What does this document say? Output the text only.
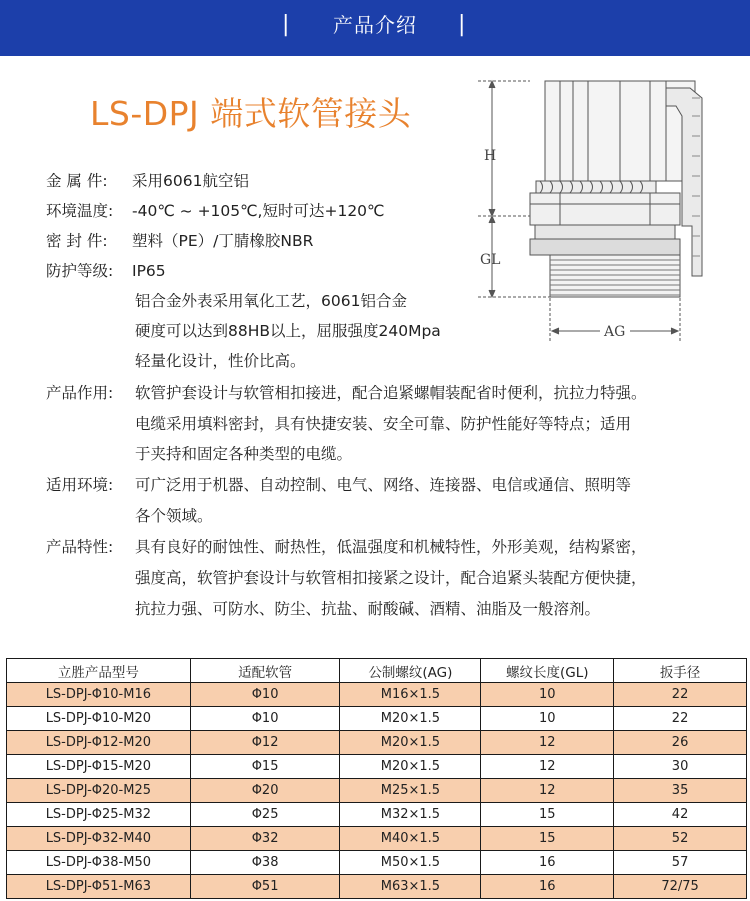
|	产品介绍	|
LS-DPJ 端式软管接头
H
GL
AG
金 属 件: 采用6061航空铝
环境温度: -40℃ ~ +105℃,短时可达+120℃
密 封 件: 塑料（PE）/丁腈橡胶NBR
防护等级: IP65
铝合金外表采用氧化工艺，6061铝合金
硬度可以达到88HB以上，屈服强度240Mpa
轻量化设计，性价比高。
产品作用: 软管护套设计与软管相扣接进，配合追紧螺帽装配省时便利，抗拉力特强。
电缆采用填料密封，具有快捷安装、安全可靠、防护性能好等特点；适用
于夹持和固定各种类型的电缆。
适用环境: 可广泛用于机器、自动控制、电气、网络、连接器、电信或通信、照明等
各个领域。
产品特性: 具有良好的耐蚀性、耐热性，低温强度和机械特性，外形美观，结构紧密，
强度高，软管护套设计与软管相扣接紧之设计，配合追紧头装配方便快捷，
抗拉力强、可防水、防尘、抗盐、耐酸碱、酒精、油脂及一般溶剂。
立胜产品型号	适配软管	公制螺纹(AG)	螺纹长度(GL)	扳手径
LS-DPJ-Φ10-M16	Φ10	M16×1.5	10	22
LS-DPJ-Φ10-M20	Φ10	M20×1.5	10	22
LS-DPJ-Φ12-M20	Φ12	M20×1.5	12	26
LS-DPJ-Φ15-M20	Φ15	M20×1.5	12	30
LS-DPJ-Φ20-M25	Φ20	M25×1.5	12	35
LS-DPJ-Φ25-M32	Φ25	M32×1.5	15	42
LS-DPJ-Φ32-M40	Φ32	M40×1.5	15	52
LS-DPJ-Φ38-M50	Φ38	M50×1.5	16	57
LS-DPJ-Φ51-M63	Φ51	M63×1.5	16	72/75
